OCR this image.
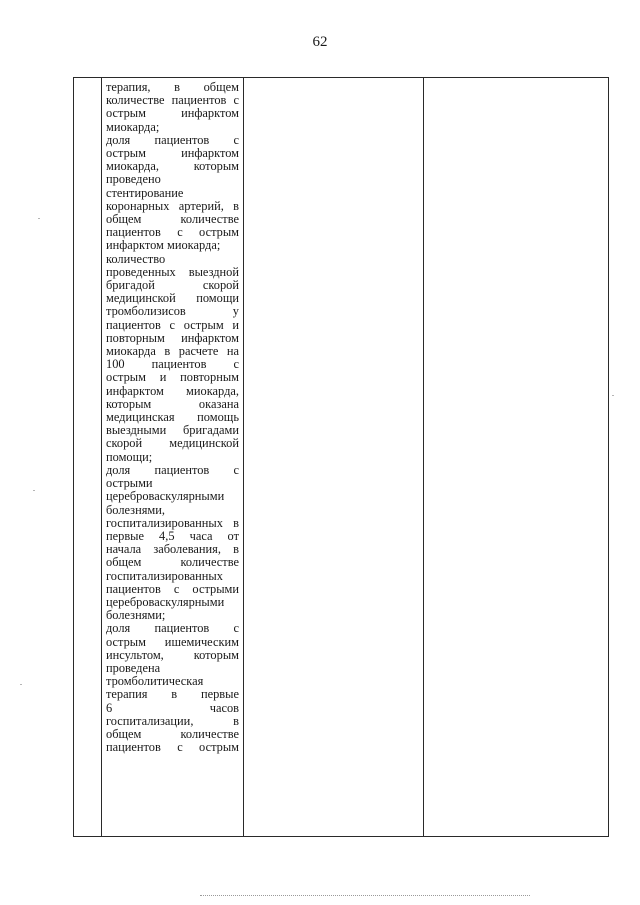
62

терапия, в общем
количестве пациентов с
острым инфарктом
миокарда;
доля пациентов с
острым инфарктом
миокарда, которым
проведено
стентирование
коронарных артерий, в
общем количестве
пациентов с острым
инфарктом миокарда;
количество
проведенных выездной
бригадой скорой
медицинской помощи
тромболизисов у
пациентов с острым и
повторным инфарктом
миокарда в расчете на
100 пациентов с
острым и повторным
инфарктом миокарда,
которым оказана
медицинская помощь
выездными бригадами
скорой медицинской
помощи;
доля пациентов с
острыми
цереброваскулярными
болезнями,
госпитализированных в
первые 4,5 часа от
начала заболевания, в
общем количестве
госпитализированных
пациентов с острыми
цереброваскулярными
болезнями;
доля пациентов с
острым ишемическим
инсультом, которым
проведена
тромболитическая
терапия в первые
6 часов
госпитализации, в
общем количестве
пациентов с острым
